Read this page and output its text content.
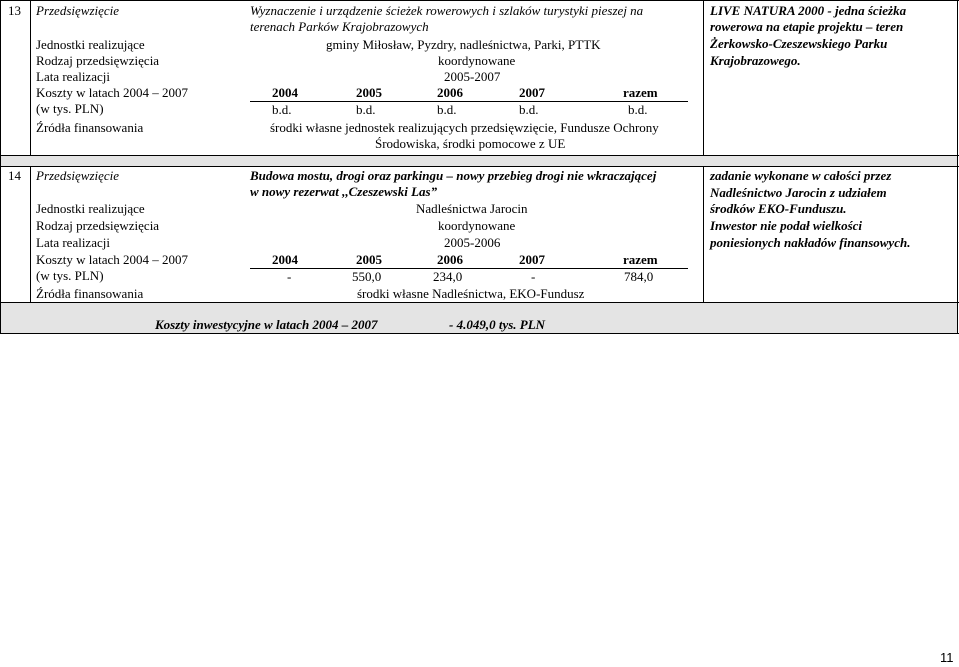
13 Przedsięwzięcie	Wyznaczenie i urządzenie ścieżek rowerowych i szlaków turystyki pieszej na
terenach Parków Krajobrazowych
Jednostki realizujące	gminy Miłosław, Pyzdry, nadleśnictwa, Parki, PTTK
Rodzaj przedsięwzięcia	koordynowane
Lata realizacji	2005-2007
Koszty w latach 2004 – 2007
(w tys. PLN)
2004	2005	2006	2007	razem
b.d.	b.d.	b.d.	b.d.	b.d.
Źródła finansowania	środki własne jednostek realizujących przedsięwzięcie, Fundusze Ochrony
Środowiska, środki pomocowe z UE
LIVE NATURA 2000 - jedna ścieżka
rowerowa na etapie projektu – teren
Żerkowsko-Czeszewskiego Parku
Krajobrazowego.
14 Przedsięwzięcie	Budowa mostu, drogi oraz parkingu – nowy przebieg drogi nie wkraczającej
w nowy rezerwat ,,Czeszewski Las”
Jednostki realizujące	Nadleśnictwa Jarocin
Rodzaj przedsięwzięcia	koordynowane
Lata realizacji	2005-2006
Koszty w latach 2004 – 2007
(w tys. PLN)
2004	2005	2006	2007	razem
-	550,0	234,0	-	784,0
Źródła finansowania	środki własne Nadleśnictwa, EKO-Fundusz
zadanie wykonane w całości przez
Nadleśnictwo Jarocin z udziałem
środków EKO-Funduszu.
Inwestor nie podał wielkości
poniesionych nakładów finansowych.
Koszty inwestycyjne w latach 2004 – 2007	- 4.049,0 tys. PLN
11
